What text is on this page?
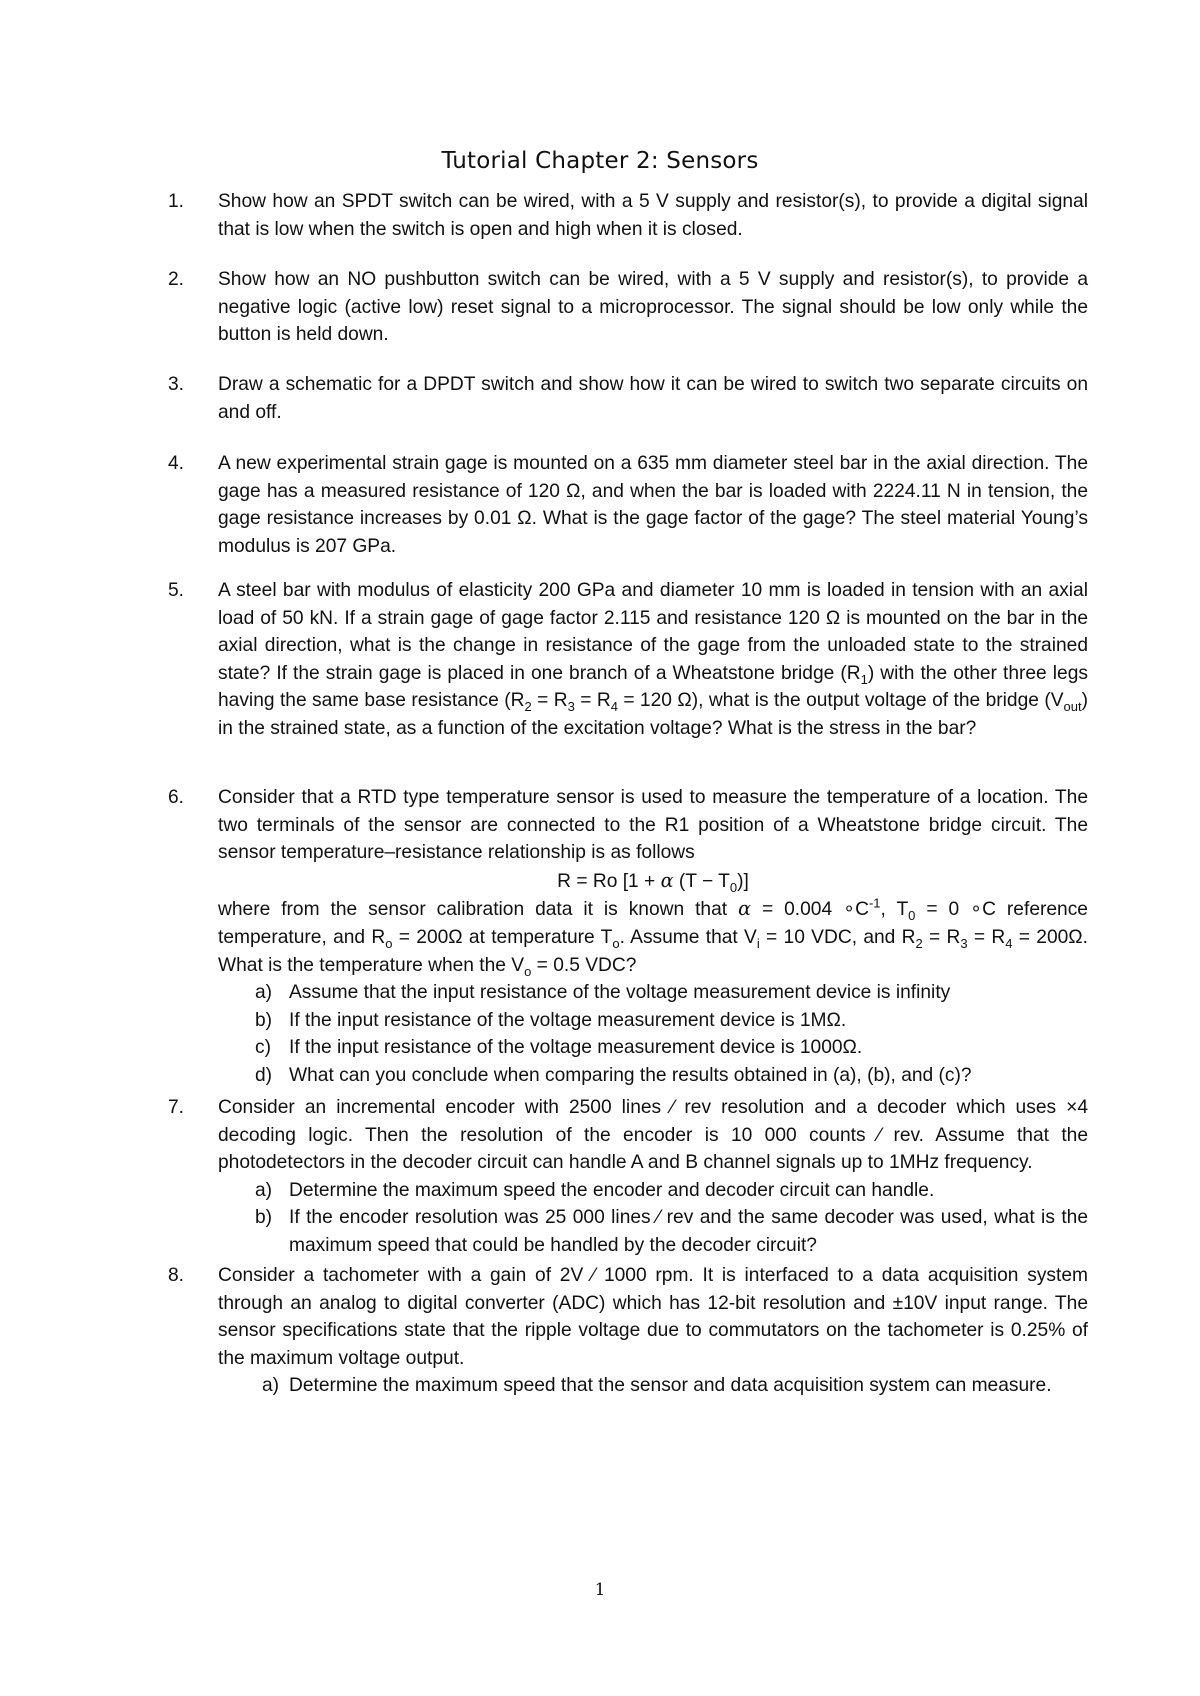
Tutorial Chapter 2: Sensors
1.	Show how an SPDT switch can be wired, with a 5 V supply and resistor(s), to provide a digital signal that is low when the switch is open and high when it is closed.
2.	Show how an NO pushbutton switch can be wired, with a 5 V supply and resistor(s), to provide a negative logic (active low) reset signal to a microprocessor. The signal should be low only while the button is held down.
3.	Draw a schematic for a DPDT switch and show how it can be wired to switch two separate circuits on and off.
4.	A new experimental strain gage is mounted on a 635 mm diameter steel bar in the axial direction. The gage has a measured resistance of 120 Ω, and when the bar is loaded with 2224.11 N in tension, the gage resistance increases by 0.01 Ω. What is the gage factor of the gage? The steel material Young’s modulus is 207 GPa.
5.	A steel bar with modulus of elasticity 200 GPa and diameter 10 mm is loaded in tension with an axial load of 50 kN. If a strain gage of gage factor 2.115 and resistance 120 Ω is mounted on the bar in the axial direction, what is the change in resistance of the gage from the unloaded state to the strained state? If the strain gage is placed in one branch of a Wheatstone bridge $(R_1)$ with the other three legs having the same base resistance ($R_2 = R_3 = R_4 = 120$ Ω), what is the output voltage of the bridge $(V_{out})$ in the strained state, as a function of the excitation voltage? What is the stress in the bar?
6.	Consider that a RTD type temperature sensor is used to measure the temperature of a location. The two terminals of the sensor are connected to the R1 position of a Wheatstone bridge circuit. The sensor temperature–resistance relationship is as follows
R = Ro [1 + α $(T - T_0)$]
where from the sensor calibration data it is known that α = 0.004 $\circ C^{-1}$, $T_0 = 0$ ∘C reference temperature, and $R_o = 200\Omega$ at temperature $T_o$. Assume that $V_i = 10$ VDC, and $R_2 = R_3 = R_4 = 200\Omega$. What is the temperature when the $V_o = 0.5$ VDC?
a) Assume that the input resistance of the voltage measurement device is infinity
b) If the input resistance of the voltage measurement device is 1MΩ.
c) If the input resistance of the voltage measurement device is 1000Ω.
d) What can you conclude when comparing the results obtained in (a), (b), and (c)?
7.	Consider an incremental encoder with 2500 lines ⁄ rev resolution and a decoder which uses ×4 decoding logic. Then the resolution of the encoder is 10 000 counts ⁄ rev. Assume that the photodetectors in the decoder circuit can handle A and B channel signals up to 1MHz frequency.
a) Determine the maximum speed the encoder and decoder circuit can handle.
b) If the encoder resolution was 25 000 lines ⁄ rev and the same decoder was used, what is the maximum speed that could be handled by the decoder circuit?
8.	Consider a tachometer with a gain of 2V ⁄ 1000 rpm. It is interfaced to a data acquisition system through an analog to digital converter (ADC) which has 12-bit resolution and ±10V input range. The sensor specifications state that the ripple voltage due to commutators on the tachometer is 0.25% of the maximum voltage output.
a) Determine the maximum speed that the sensor and data acquisition system can measure.
1
